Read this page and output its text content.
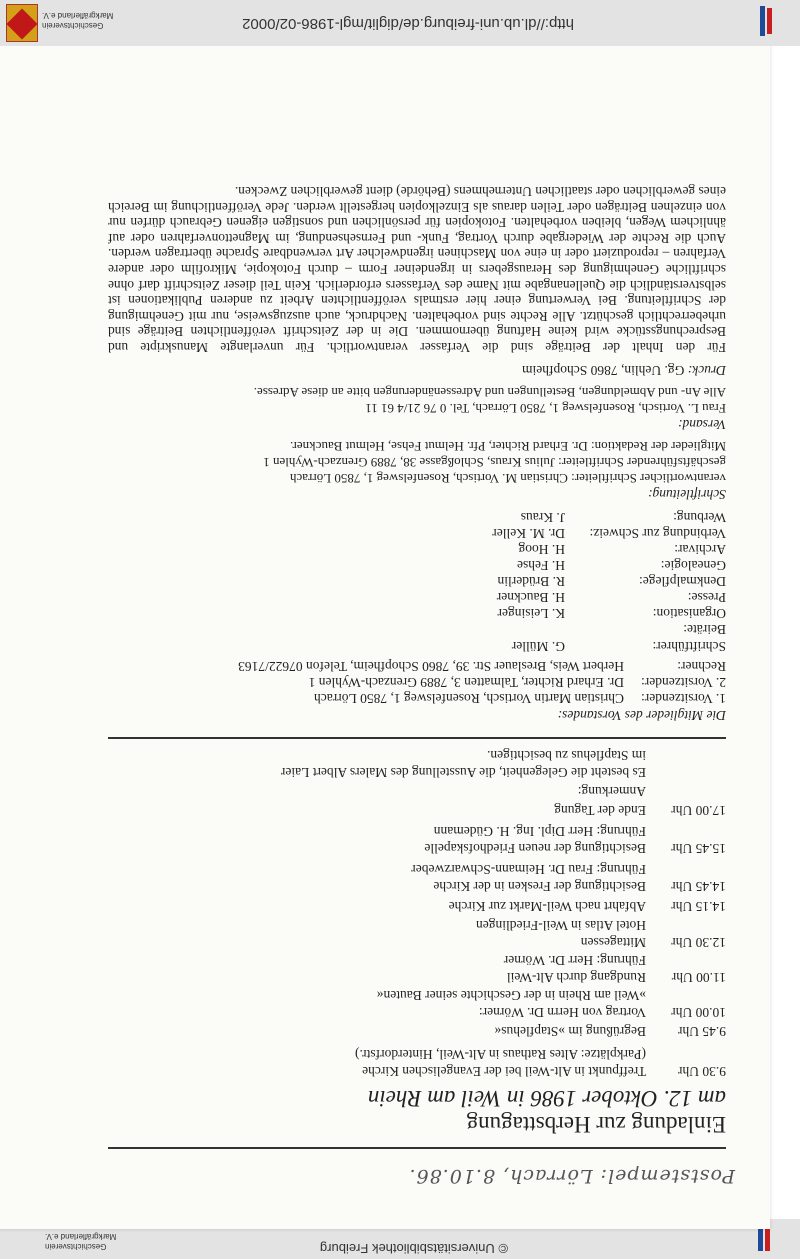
© Universitätsbibliothek Freiburg
Geschichtsverein
Markgräflerland e.V.
Poststempel: Lörrach, 8.10.86.
Einladung zur Herbsttagung
am 12. Oktober 1986 in Weil am Rhein
9.30 Uhr
Treffpunkt in Alt-Weil bei der Evangelischen Kirche
(Parkplätze: Altes Rathaus in Alt-Weil, Hinterdorfstr.)
9.45 Uhr
Begrüßung im »Stapflehus«
10.00 Uhr
Vortrag von Herrn Dr. Wörner:
»Weil am Rhein in der Geschichte seiner Bauten«
11.00 Uhr
Rundgang durch Alt-Weil
Führung: Herr Dr. Wörner
12.30 Uhr
Mittagessen
Hotel Atlas in Weil-Friedlingen
14.15 Uhr
Abfahrt nach Weil-Markt zur Kirche
14.45 Uhr
Besichtigung der Fresken in der Kirche
Führung: Frau Dr. Heimann-Schwarzweber
15.45 Uhr
Besichtigung der neuen Friedhofskapelle
Führung: Herr Dipl. Ing. H. Güdemann
17.00 Uhr
Ende der Tagung
Anmerkung:
Es besteht die Gelegenheit, die Ausstellung des Malers Albert Laier
im Stapflehus zu besichtigen.
Die Mitglieder des Vorstandes:
1. Vorsitzender:
Christian Martin Vortisch, Rosenfelsweg 1, 7850 Lörrach
2. Vorsitzender:
Dr. Erhard Richter, Talmatten 3, 7889 Grenzach-Wyhlen 1
Rechner:
Herbert Weis, Breslauer Str. 39, 7860 Schopfheim, Telefon 07622/7163
Schriftführer:
G. Müller
Beiräte:
Organisation:
K. Leisinger
Presse:
H. Bauckner
Denkmalpflege:
R. Brüderlin
Genealogie:
H. Fehse
Archivar:
H. Hoog
Verbindung zur Schweiz:
Dr. M. Keller
Werbung:
J. Kraus
Schriftleitung:
verantwortlicher Schriftleiter: Christian M. Vortisch, Rosenfelsweg 1, 7850 Lörrach
geschäftsführender Schriftleiter: Julius Kraus, Schloßgasse 38, 7889 Grenzach-Wyhlen 1
Mitglieder der Redaktion: Dr. Erhard Richter, Pfr. Helmut Fehse, Helmut Bauckner.
Versand:
Frau L. Vortisch, Rosenfelsweg 1, 7850 Lörrach, Tel. 0 76 21/4 61 11
Alle An- und Abmeldungen, Bestellungen und Adressenänderungen bitte an diese Adresse.
Druck: Gg. Uehlin, 7860 Schopfheim
Für den Inhalt der Beiträge sind die Verfasser verantwortlich. Für unverlangte Manuskripte und Besprechungsstücke wird keine Haftung übernommen. Die in der Zeitschrift veröffentlichten Beiträge sind urheberrechtlich geschützt. Alle Rechte sind vorbehalten. Nachdruck, auch auszugsweise, nur mit Genehmigung der Schriftleitung. Bei Verwertung einer hier erstmals veröffentlichten Arbeit zu anderen Publikationen ist selbstverständlich die Quellenangabe mit Name des Verfassers erforderlich. Kein Teil dieser Zeitschrift darf ohne schriftliche Genehmigung des Herausgebers in irgendeiner Form – durch Fotokopie, Mikrofilm oder andere Verfahren – reproduziert oder in eine von Maschinen irgendwelcher Art verwendbare Sprache übertragen werden. Auch die Rechte der Wiedergabe durch Vortrag, Funk- und Fernsehsendung, im Magnettonverfahren oder auf ähnlichem Wegen, bleiben vorbehalten. Fotokopien für persönlichen und sonstigen eigenen Gebrauch dürfen nur von einzelnen Beiträgen oder Teilen daraus als Einzelkopien hergestellt werden. Jede Veröffentlichung im Bereich eines gewerblichen oder staatlichen Unternehmens (Behörde) dient gewerblichen Zwecken.
http://dl.ub.uni-freiburg.de/diglit/mgl-1986-02/0002
Geschichtsverein
Markgräflerland e.V.
